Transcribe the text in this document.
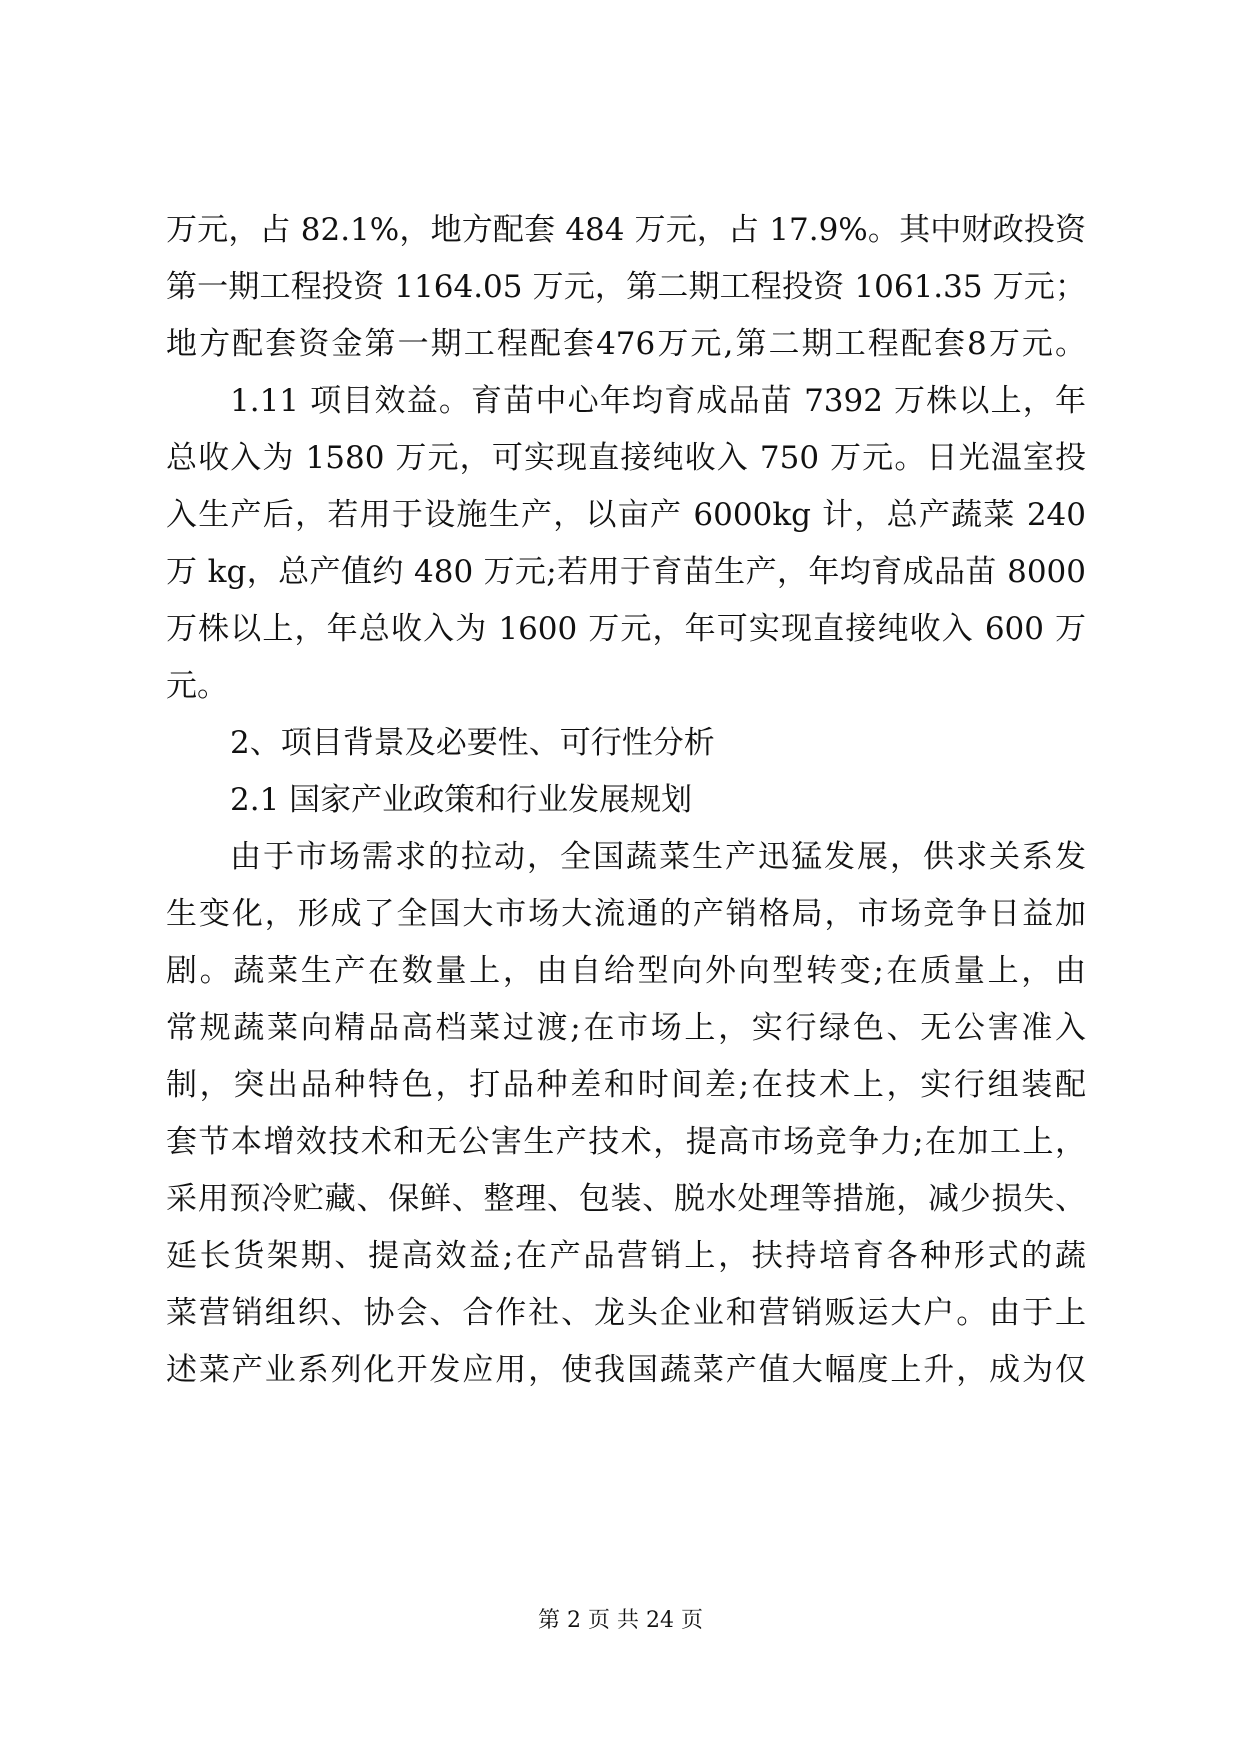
万元，占 82.1%，地方配套 484 万元，占 17.9%。其中财政投资
第一期工程投资 1164.05 万元，第二期工程投资 1061.35 万元；
地方配套资金第一期工程配套476万元,第二期工程配套8万元。
1.11 项目效益。育苗中心年均育成品苗 7392 万株以上，年
总收入为 1580 万元，可实现直接纯收入 750 万元。日光温室投
入生产后，若用于设施生产，以亩产 6000kg 计，总产蔬菜 240
万 kg，总产值约 480 万元;若用于育苗生产，年均育成品苗 8000
万株以上，年总收入为 1600 万元，年可实现直接纯收入 600 万
元。
2、项目背景及必要性、可行性分析
2.1 国家产业政策和行业发展规划
由于市场需求的拉动，全国蔬菜生产迅猛发展，供求关系发
生变化，形成了全国大市场大流通的产销格局，市场竞争日益加
剧。蔬菜生产在数量上，由自给型向外向型转变;在质量上，由
常规蔬菜向精品高档菜过渡;在市场上，实行绿色、无公害准入
制，突出品种特色，打品种差和时间差;在技术上，实行组装配
套节本增效技术和无公害生产技术，提高市场竞争力;在加工上，
采用预冷贮藏、保鲜、整理、包装、脱水处理等措施，减少损失、
延长货架期、提高效益;在产品营销上，扶持培育各种形式的蔬
菜营销组织、协会、合作社、龙头企业和营销贩运大户。由于上
述菜产业系列化开发应用，使我国蔬菜产值大幅度上升，成为仅
第 2 页 共 24 页
